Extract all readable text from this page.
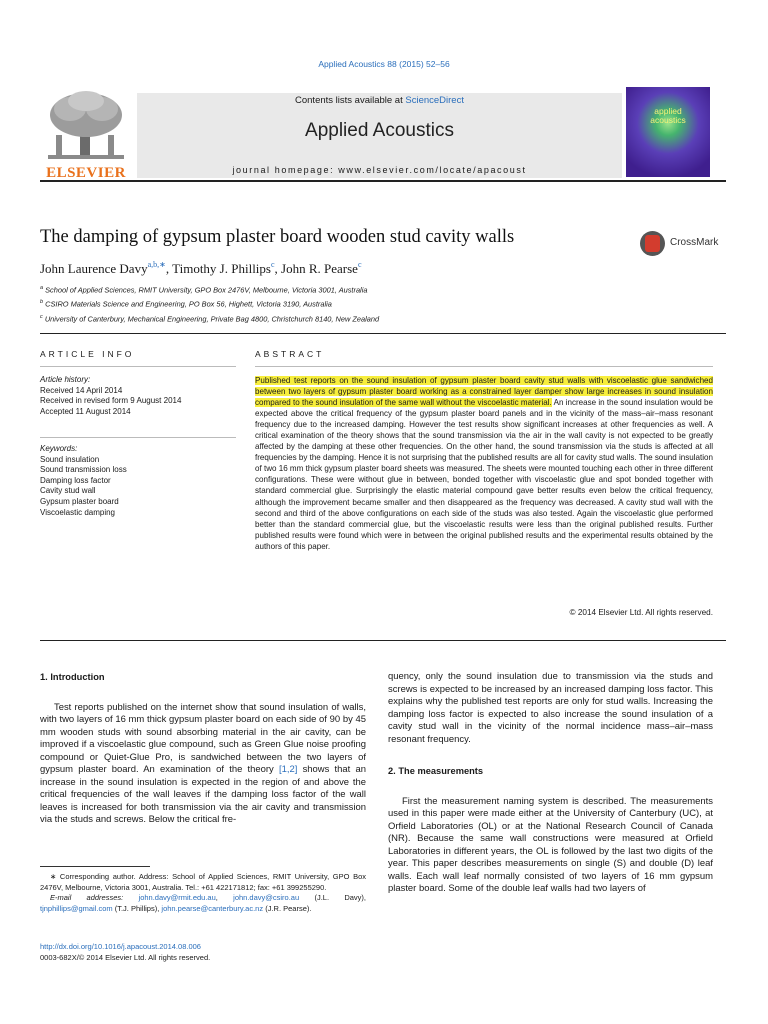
Applied Acoustics 88 (2015) 52–56
ELSEVIER
Contents lists available at ScienceDirect
Applied Acoustics
journal homepage: www.elsevier.com/locate/apacoust
applied
acoustics
The damping of gypsum plaster board wooden stud cavity walls	CrossMark
John Laurence Davy$^{a,b,∗}$, Timothy J. Phillips$^c$, John R. Pearse$^c$
$^a$ School of Applied Sciences, RMIT University, GPO Box 2476V, Melbourne, Victoria 3001, Australia
$^b$ CSIRO Materials Science and Engineering, PO Box 56, Highett, Victoria 3190, Australia
$^c$ University of Canterbury, Mechanical Engineering, Private Bag 4800, Christchurch 8140, New Zealand
ARTICLE INFO	ABSTRACT
Article history:
Received 14 April 2014
Received in revised form 9 August 2014
Accepted 11 August 2014
Keywords:
Sound insulation
Sound transmission loss
Damping loss factor
Cavity stud wall
Gypsum plaster board
Viscoelastic damping
Published test reports on the sound insulation of gypsum plaster board cavity stud walls with viscoelastic glue sandwiched between two layers of gypsum plaster board working as a constrained layer damper show large increases in sound insulation compared to the sound insulation of the same wall without the viscoelastic material. An increase in the sound insulation would be expected above the critical frequency of the gypsum plaster board panels and in the vicinity of the mass–air–mass resonant frequency due to the increased damping. However the test results show significant increases at other frequencies as well. A critical examination of the theory shows that the sound transmission via the air in the wall cavity is not expected to be greatly affected by the damping at these other frequencies. On the other hand, the sound transmission via the studs is affected at all frequencies by the damping. Hence it is not surprising that the published results are all for cavity stud walls. The sound insulation of two 16 mm thick gypsum plaster board sheets was measured. The sheets were mounted touching each other in three different configurations. These were without glue in between, bonded together with viscoelastic glue and spot bonded together with standard commercial glue. Surprisingly the elastic material compound gave better results even below the critical frequency, although the improvement became smaller and then disappeared as the frequency was decreased. A cavity stud wall with the second and third of the above configurations on each side of the studs was also tested. Again the viscoelastic glue performed better than the standard commercial glue, but the viscoelastic results were less than the original published results. Further published results were found which were in between the original published results and the experimental results obtained by the authors of this paper.
© 2014 Elsevier Ltd. All rights reserved.
1. Introduction

Test reports published on the internet show that sound insulation of walls, with two layers of 16 mm thick gypsum plaster board on each side of 90 by 45 mm wooden studs with sound absorbing material in the air cavity, can be improved if a viscoelastic glue compound, such as Green Glue noise proofing compound or Quiet-Glue Pro, is sandwiched between the two layers of gypsum plaster board. An examination of the theory [1,2] shows that an increase in the sound insulation is expected in the region of and above the critical frequencies of the wall leaves if the damping loss factor of the wall leaves is increased for both transmission via the air cavity and transmission via the studs and screws. Below the critical fre-

quency, only the sound insulation due to transmission via the studs and screws is expected to be increased by an increased damping loss factor. This explains why the published test reports are only for stud walls. Increasing the damping loss factor is expected to also increase the sound insulation of a cavity stud wall in the vicinity of the normal incidence mass–air–mass resonant frequency.

2. The measurements

First the measurement naming system is described. The measurements used in this paper were made either at the University of Canterbury (UC), at Orfield Laboratories (OL) or at the National Research Council of Canada (NR). Because the same wall constructions were measured at Orfield Laboratories in different years, the OL is followed by the last two digits of the year. This paper describes measurements on single (S) and double (D) leaf walls. Each wall leaf normally consisted of two layers of 16 mm gypsum plaster board. Some of the double leaf walls had two layers of

∗ Corresponding author. Address: School of Applied Sciences, RMIT University, GPO Box 2476V, Melbourne, Victoria 3001, Australia. Tel.: +61 422171812; fax: +61 399255290.

E-mail addresses: john.davy@rmit.edu.au, john.davy@csiro.au (J.L. Davy), tjnphillips@gmail.com (T.J. Phillips), john.pearse@canterbury.ac.nz (J.R. Pearse).

http://dx.doi.org/10.1016/j.apacoust.2014.08.006
0003-682X/© 2014 Elsevier Ltd. All rights reserved.
